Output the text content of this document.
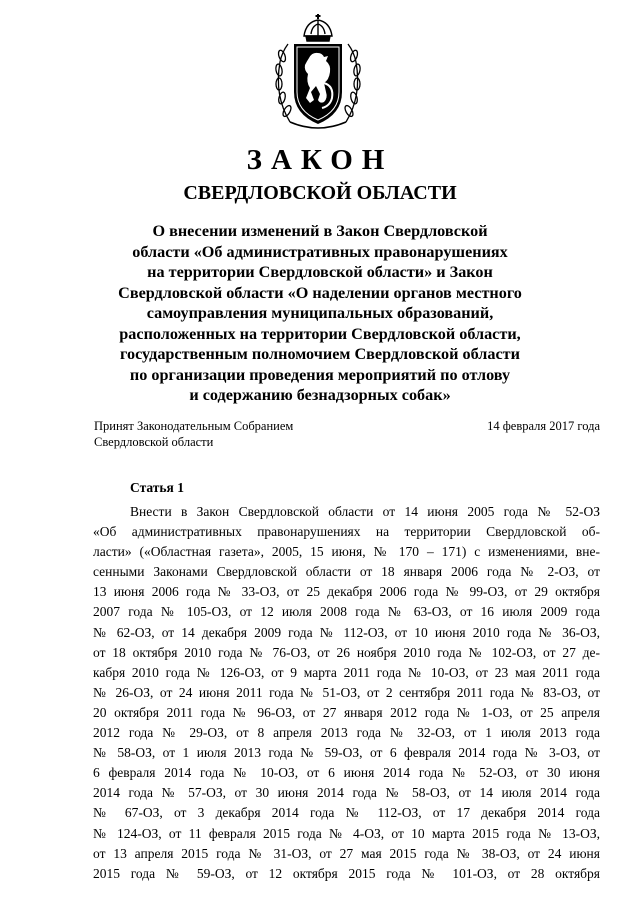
ЗАКОН
СВЕРДЛОВСКОЙ ОБЛАСТИ
О внесении изменений в Закон Свердловской
области «Об административных правонарушениях
на территории Свердловской области» и Закон
Свердловской области «О наделении органов местного
самоуправления муниципальных образований,
расположенных на территории Свердловской области,
государственным полномочием Свердловской области
по организации проведения мероприятий по отлову
и содержанию безнадзорных собак»
Принят Законодательным Собранием
Свердловской области
14 февраля 2017 года
Статья 1
Внести в Закон Свердловской области от 14 июня 2005 года № 52-ОЗ
«Об административных правонарушениях на территории Свердловской об-
ласти» («Областная газета», 2005, 15 июня, № 170 – 171) с изменениями, вне-
сенными Законами Свердловской области от 18 января 2006 года № 2-ОЗ, от
13 июня 2006 года № 33-ОЗ, от 25 декабря 2006 года № 99-ОЗ, от 29 октября
2007 года № 105-ОЗ, от 12 июля 2008 года № 63-ОЗ, от 16 июля 2009 года
№ 62-ОЗ, от 14 декабря 2009 года № 112-ОЗ, от 10 июня 2010 года № 36-ОЗ,
от 18 октября 2010 года № 76-ОЗ, от 26 ноября 2010 года № 102-ОЗ, от 27 де-
кабря 2010 года № 126-ОЗ, от 9 марта 2011 года № 10-ОЗ, от 23 мая 2011 года
№ 26-ОЗ, от 24 июня 2011 года № 51-ОЗ, от 2 сентября 2011 года № 83-ОЗ, от
20 октября 2011 года № 96-ОЗ, от 27 января 2012 года № 1-ОЗ, от 25 апреля
2012 года № 29-ОЗ, от 8 апреля 2013 года № 32-ОЗ, от 1 июля 2013 года
№ 58-ОЗ, от 1 июля 2013 года № 59-ОЗ, от 6 февраля 2014 года № 3-ОЗ, от
6 февраля 2014 года № 10-ОЗ, от 6 июня 2014 года № 52-ОЗ, от 30 июня
2014 года № 57-ОЗ, от 30 июня 2014 года № 58-ОЗ, от 14 июля 2014 года
№ 67-ОЗ, от 3 декабря 2014 года № 112-ОЗ, от 17 декабря 2014 года
№ 124-ОЗ, от 11 февраля 2015 года № 4-ОЗ, от 10 марта 2015 года № 13-ОЗ,
от 13 апреля 2015 года № 31-ОЗ, от 27 мая 2015 года № 38-ОЗ, от 24 июня
2015 года № 59-ОЗ, от 12 октября 2015 года № 101-ОЗ, от 28 октября
